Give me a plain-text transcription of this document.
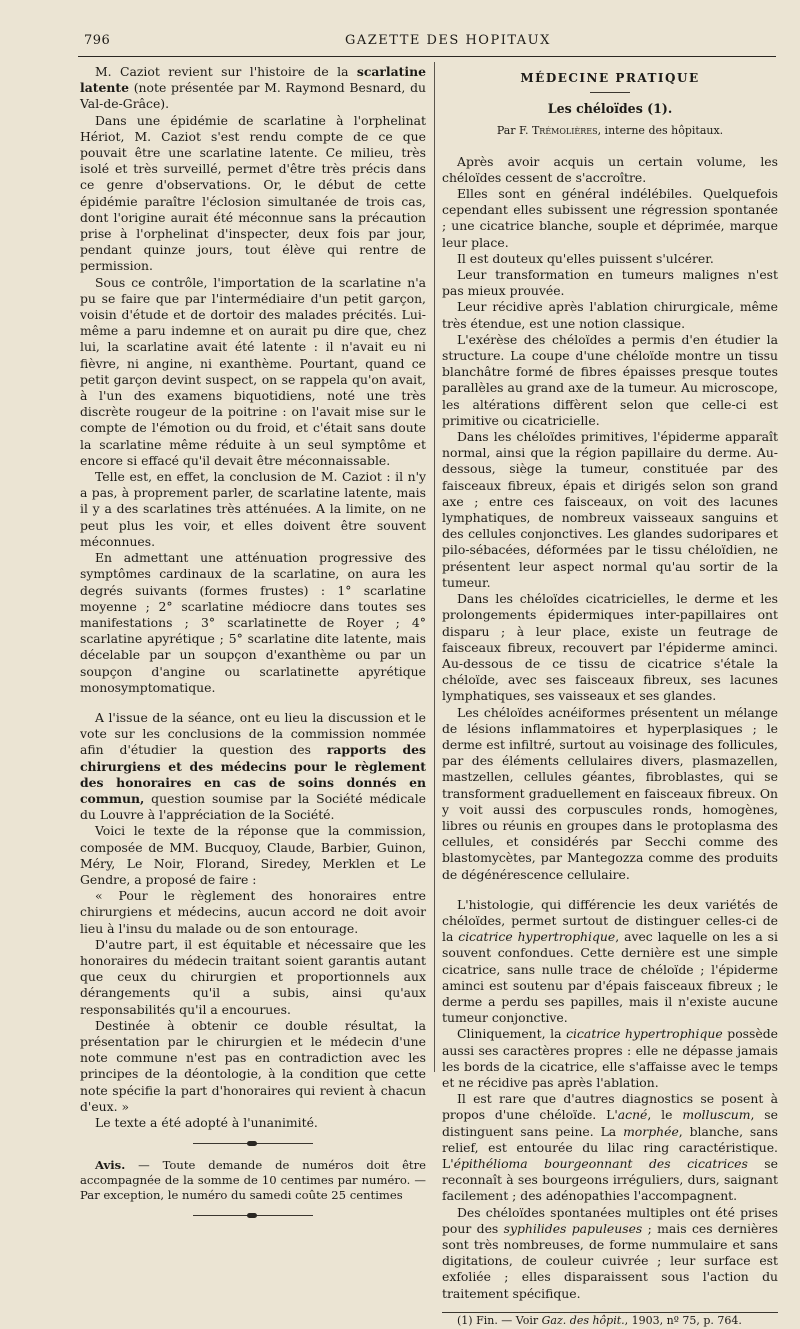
796	GAZETTE DES HOPITAUX

M. Caziot revient sur l'histoire de la scarlatine latente (note présentée par M. Raymond Besnard, du Val-de-Grâce).

Dans une épidémie de scarlatine à l'orphelinat Hériot, M. Caziot s'est rendu compte de ce que pouvait être une scarlatine latente. Ce milieu, très isolé et très surveillé, permet d'être très précis dans ce genre d'observations. Or, le début de cette épidémie paraître l'éclosion simultanée de trois cas, dont l'origine aurait été méconnue sans la précaution prise à l'orphelinat d'inspecter, deux fois par jour, pendant quinze jours, tout élève qui rentre de permission.

Sous ce contrôle, l'importation de la scarlatine n'a pu se faire que par l'intermédiaire d'un petit garçon, voisin d'étude et de dortoir des malades précités. Lui-même a paru indemne et on aurait pu dire que, chez lui, la scarlatine avait été latente : il n'avait eu ni fièvre, ni angine, ni exanthème. Pourtant, quand ce petit garçon devint suspect, on se rappela qu'on avait, à l'un des examens biquotidiens, noté une très discrète rougeur de la poitrine : on l'avait mise sur le compte de l'émotion ou du froid, et c'était sans doute la scarlatine même réduite à un seul symptôme et encore si effacé qu'il devait être méconnaissable.

Telle est, en effet, la conclusion de M. Caziot : il n'y a pas, à proprement parler, de scarlatine latente, mais il y a des scarlatines très atténuées. A la limite, on ne peut plus les voir, et elles doivent être souvent méconnues.

En admettant une atténuation progressive des symptômes cardinaux de la scarlatine, on aura les degrés suivants (formes frustes) : 1° scarlatine moyenne ; 2° scarlatine médiocre dans toutes ses manifestations ; 3° scarlatinette de Royer ; 4° scarlatine apyrétique ; 5° scarlatine dite latente, mais décelable par un soupçon d'exanthème ou par un soupçon d'angine ou scarlatinette apyrétique monosymptomatique.

A l'issue de la séance, ont eu lieu la discussion et le vote sur les conclusions de la commission nommée afin d'étudier la question des rapports des chirurgiens et des médecins pour le règlement des honoraires en cas de soins donnés en commun, question soumise par la Société médicale du Louvre à l'appréciation de la Société.

Voici le texte de la réponse que la commission, composée de MM. Bucquoy, Claude, Barbier, Guinon, Méry, Le Noir, Florand, Siredey, Merklen et Le Gendre, a proposé de faire :

« Pour le règlement des honoraires entre chirurgiens et médecins, aucun accord ne doit avoir lieu à l'insu du malade ou de son entourage.

D'autre part, il est équitable et nécessaire que les honoraires du médecin traitant soient garantis autant que ceux du chirurgien et proportionnels aux dérangements qu'il a subis, ainsi qu'aux responsabilités qu'il a encourues.

Destinée à obtenir ce double résultat, la présentation par le chirurgien et le médecin d'une note commune n'est pas en contradiction avec les principes de la déontologie, à la condition que cette note spécifie la part d'honoraires qui revient à chacun d'eux. »

Le texte a été adopté à l'unanimité.

Avis. — Toute demande de numéros doit être accompagnée de la somme de 10 centimes par numéro. — Par exception, le numéro du samedi coûte 25 centimes

MÉDECINE PRATIQUE
Les chéloïdes (1).
Par F. Trémolières, interne des hôpitaux.

Après avoir acquis un certain volume, les chéloïdes cessent de s'accroître.

Elles sont en général indélébiles. Quelquefois cependant elles subissent une régression spontanée ; une cicatrice blanche, souple et déprimée, marque leur place.

Il est douteux qu'elles puissent s'ulcérer.

Leur transformation en tumeurs malignes n'est pas mieux prouvée.

Leur récidive après l'ablation chirurgicale, même très étendue, est une notion classique.

L'exérèse des chéloïdes a permis d'en étudier la structure. La coupe d'une chéloïde montre un tissu blanchâtre formé de fibres épaisses presque toutes parallèles au grand axe de la tumeur. Au microscope, les altérations diffèrent selon que celle-ci est primitive ou cicatricielle.

Dans les chéloïdes primitives, l'épiderme apparaît normal, ainsi que la région papillaire du derme. Au-dessous, siège la tumeur, constituée par des faisceaux fibreux, épais et dirigés selon son grand axe ; entre ces faisceaux, on voit des lacunes lymphatiques, de nombreux vaisseaux sanguins et des cellules conjonctives. Les glandes sudoripares et pilo-sébacées, déformées par le tissu chéloïdien, ne présentent leur aspect normal qu'au sortir de la tumeur.

Dans les chéloïdes cicatricielles, le derme et les prolongements épidermiques inter-papillaires ont disparu ; à leur place, existe un feutrage de faisceaux fibreux, recouvert par l'épiderme aminci. Au-dessous de ce tissu de cicatrice s'étale la chéloïde, avec ses faisceaux fibreux, ses lacunes lymphatiques, ses vaisseaux et ses glandes.

Les chéloïdes acnéiformes présentent un mélange de lésions inflammatoires et hyperplasiques ; le derme est infiltré, surtout au voisinage des follicules, par des éléments cellulaires divers, plasmazellen, mastzellen, cellules géantes, fibroblastes, qui se transforment graduellement en faisceaux fibreux. On y voit aussi des corpuscules ronds, homogènes, libres ou réunis en groupes dans le protoplasma des cellules, et considérés par Secchi comme des blastomycètes, par Mantegozza comme des produits de dégénérescence cellulaire.

L'histologie, qui différencie les deux variétés de chéloïdes, permet surtout de distinguer celles-ci de la cicatrice hypertrophique, avec laquelle on les a si souvent confondues. Cette dernière est une simple cicatrice, sans nulle trace de chéloïde ; l'épiderme aminci est soutenu par d'épais faisceaux fibreux ; le derme a perdu ses papilles, mais il n'existe aucune tumeur conjonctive.

Cliniquement, la cicatrice hypertrophique possède aussi ses caractères propres : elle ne dépasse jamais les bords de la cicatrice, elle s'affaisse avec le temps et ne récidive pas après l'ablation.

Il est rare que d'autres diagnostics se posent à propos d'une chéloïde. L'acné, le molluscum, se distinguent sans peine. La morphée, blanche, sans relief, est entourée du lilac ring caractéristique. L'épithélioma bourgeonnant des cicatrices se reconnaît à ses bourgeons irréguliers, durs, saignant facilement ; des adénopathies l'accompagnent.

Des chéloïdes spontanées multiples ont été prises pour des syphilides papuleuses ; mais ces dernières sont très nombreuses, de forme nummulaire et sans digitations, de couleur cuivrée ; leur surface est exfoliée ; elles disparaissent sous l'action du traitement spécifique.

(1) Fin. — Voir Gaz. des hôpit., 1903, nº 75, p. 764.
